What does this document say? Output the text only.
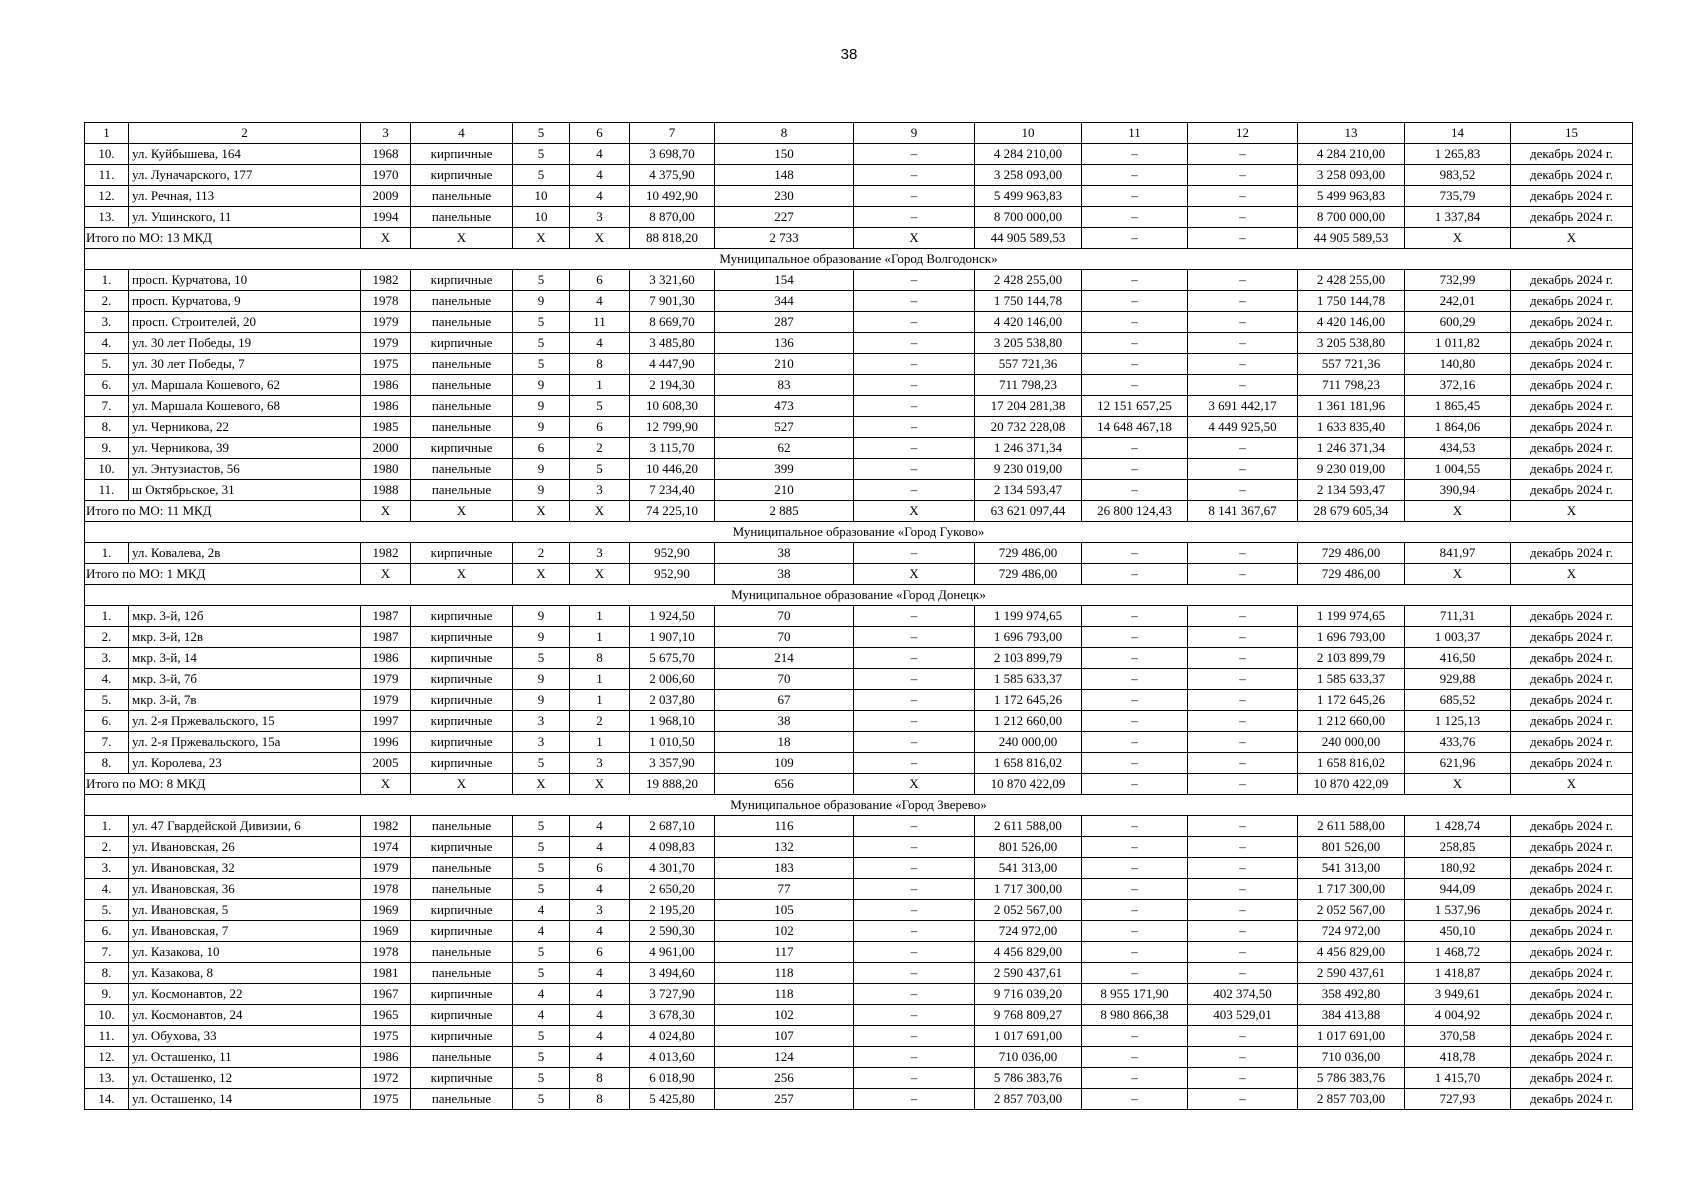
38
1	2	3	4	5	6	7	8	9	10	11	12	13	14	15
10.	ул. Куйбышева, 164	1968	кирпичные	5	4	3 698,70	150	–	4 284 210,00	–	–	4 284 210,00	1 265,83	декабрь 2024 г.
11.	ул. Луначарского, 177	1970	кирпичные	5	4	4 375,90	148	–	3 258 093,00	–	–	3 258 093,00	983,52	декабрь 2024 г.
12.	ул. Речная, 113	2009	панельные	10	4	10 492,90	230	–	5 499 963,83	–	–	5 499 963,83	735,79	декабрь 2024 г.
13.	ул. Ушинского, 11	1994	панельные	10	3	8 870,00	227	–	8 700 000,00	–	–	8 700 000,00	1 337,84	декабрь 2024 г.
Итого по МО: 13 МКД		Х	Х	Х	Х	88 818,20	2 733	Х	44 905 589,53	–	–	44 905 589,53	Х	Х
Муниципальное образование «Город Волгодонск»														
1.	просп. Курчатова, 10	1982	кирпичные	5	6	3 321,60	154	–	2 428 255,00	–	–	2 428 255,00	732,99	декабрь 2024 г.
2.	просп. Курчатова, 9	1978	панельные	9	4	7 901,30	344	–	1 750 144,78	–	–	1 750 144,78	242,01	декабрь 2024 г.
3.	просп. Строителей, 20	1979	панельные	5	11	8 669,70	287	–	4 420 146,00	–	–	4 420 146,00	600,29	декабрь 2024 г.
4.	ул. 30 лет Победы, 19	1979	кирпичные	5	4	3 485,80	136	–	3 205 538,80	–	–	3 205 538,80	1 011,82	декабрь 2024 г.
5.	ул. 30 лет Победы, 7	1975	панельные	5	8	4 447,90	210	–	557 721,36	–	–	557 721,36	140,80	декабрь 2024 г.
6.	ул. Маршала Кошевого, 62	1986	панельные	9	1	2 194,30	83	–	711 798,23	–	–	711 798,23	372,16	декабрь 2024 г.
7.	ул. Маршала Кошевого, 68	1986	панельные	9	5	10 608,30	473	–	17 204 281,38	12 151 657,25	3 691 442,17	1 361 181,96	1 865,45	декабрь 2024 г.
8.	ул. Черникова, 22	1985	панельные	9	6	12 799,90	527	–	20 732 228,08	14 648 467,18	4 449 925,50	1 633 835,40	1 864,06	декабрь 2024 г.
9.	ул. Черникова, 39	2000	кирпичные	6	2	3 115,70	62	–	1 246 371,34	–	–	1 246 371,34	434,53	декабрь 2024 г.
10.	ул. Энтузиастов, 56	1980	панельные	9	5	10 446,20	399	–	9 230 019,00	–	–	9 230 019,00	1 004,55	декабрь 2024 г.
11.	ш Октябрьское, 31	1988	панельные	9	3	7 234,40	210	–	2 134 593,47	–	–	2 134 593,47	390,94	декабрь 2024 г.
Итого по МО: 11 МКД		Х	Х	Х	Х	74 225,10	2 885	Х	63 621 097,44	26 800 124,43	8 141 367,67	28 679 605,34	Х	Х
Муниципальное образование «Город Гуково»														
1.	ул. Ковалева, 2в	1982	кирпичные	2	3	952,90	38	–	729 486,00	–	–	729 486,00	841,97	декабрь 2024 г.
Итого по МО: 1 МКД		Х	Х	Х	Х	952,90	38	Х	729 486,00	–	–	729 486,00	Х	Х
Муниципальное образование «Город Донецк»														
1.	мкр. 3-й, 12б	1987	кирпичные	9	1	1 924,50	70	–	1 199 974,65	–	–	1 199 974,65	711,31	декабрь 2024 г.
2.	мкр. 3-й, 12в	1987	кирпичные	9	1	1 907,10	70	–	1 696 793,00	–	–	1 696 793,00	1 003,37	декабрь 2024 г.
3.	мкр. 3-й, 14	1986	кирпичные	5	8	5 675,70	214	–	2 103 899,79	–	–	2 103 899,79	416,50	декабрь 2024 г.
4.	мкр. 3-й, 7б	1979	кирпичные	9	1	2 006,60	70	–	1 585 633,37	–	–	1 585 633,37	929,88	декабрь 2024 г.
5.	мкр. 3-й, 7в	1979	кирпичные	9	1	2 037,80	67	–	1 172 645,26	–	–	1 172 645,26	685,52	декабрь 2024 г.
6.	ул. 2-я Пржевальского, 15	1997	кирпичные	3	2	1 968,10	38	–	1 212 660,00	–	–	1 212 660,00	1 125,13	декабрь 2024 г.
7.	ул. 2-я Пржевальского, 15а	1996	кирпичные	3	1	1 010,50	18	–	240 000,00	–	–	240 000,00	433,76	декабрь 2024 г.
8.	ул. Королева, 23	2005	кирпичные	5	3	3 357,90	109	–	1 658 816,02	–	–	1 658 816,02	621,96	декабрь 2024 г.
Итого по МО: 8 МКД		Х	Х	Х	Х	19 888,20	656	Х	10 870 422,09	–	–	10 870 422,09	Х	Х
Муниципальное образование «Город Зверево»														
1.	ул. 47 Гвардейской Дивизии, 6	1982	панельные	5	4	2 687,10	116	–	2 611 588,00	–	–	2 611 588,00	1 428,74	декабрь 2024 г.
2.	ул. Ивановская, 26	1974	кирпичные	5	4	4 098,83	132	–	801 526,00	–	–	801 526,00	258,85	декабрь 2024 г.
3.	ул. Ивановская, 32	1979	панельные	5	6	4 301,70	183	–	541 313,00	–	–	541 313,00	180,92	декабрь 2024 г.
4.	ул. Ивановская, 36	1978	панельные	5	4	2 650,20	77	–	1 717 300,00	–	–	1 717 300,00	944,09	декабрь 2024 г.
5.	ул. Ивановская, 5	1969	кирпичные	4	3	2 195,20	105	–	2 052 567,00	–	–	2 052 567,00	1 537,96	декабрь 2024 г.
6.	ул. Ивановская, 7	1969	кирпичные	4	4	2 590,30	102	–	724 972,00	–	–	724 972,00	450,10	декабрь 2024 г.
7.	ул. Казакова, 10	1978	панельные	5	6	4 961,00	117	–	4 456 829,00	–	–	4 456 829,00	1 468,72	декабрь 2024 г.
8.	ул. Казакова, 8	1981	панельные	5	4	3 494,60	118	–	2 590 437,61	–	–	2 590 437,61	1 418,87	декабрь 2024 г.
9.	ул. Космонавтов, 22	1967	кирпичные	4	4	3 727,90	118	–	9 716 039,20	8 955 171,90	402 374,50	358 492,80	3 949,61	декабрь 2024 г.
10.	ул. Космонавтов, 24	1965	кирпичные	4	4	3 678,30	102	–	9 768 809,27	8 980 866,38	403 529,01	384 413,88	4 004,92	декабрь 2024 г.
11.	ул. Обухова, 33	1975	кирпичные	5	4	4 024,80	107	–	1 017 691,00	–	–	1 017 691,00	370,58	декабрь 2024 г.
12.	ул. Осташенко, 11	1986	панельные	5	4	4 013,60	124	–	710 036,00	–	–	710 036,00	418,78	декабрь 2024 г.
13.	ул. Осташенко, 12	1972	кирпичные	5	8	6 018,90	256	–	5 786 383,76	–	–	5 786 383,76	1 415,70	декабрь 2024 г.
14.	ул. Осташенко, 14	1975	панельные	5	8	5 425,80	257	–	2 857 703,00	–	–	2 857 703,00	727,93	декабрь 2024 г.
